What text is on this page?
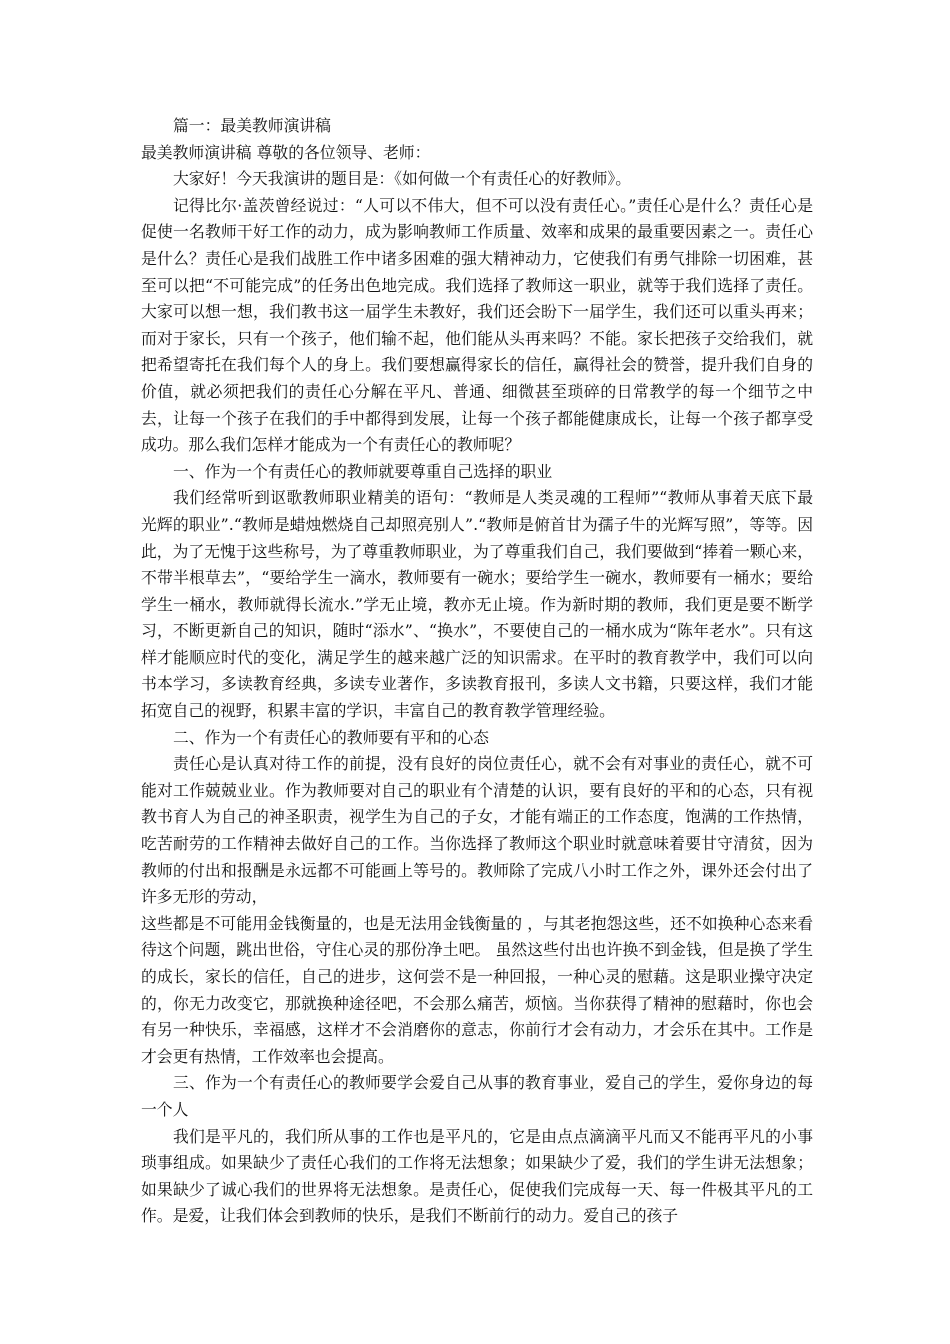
篇一：最美教师演讲稿

最美教师演讲稿 尊敬的各位领导、老师：

大家好！今天我演讲的题目是：《如何做一个有责任心的好教师》。

记得比尔·盖茨曾经说过：“人可以不伟大，但不可以没有责任心。”责任心是什么？责任心是促使一名教师干好工作的动力，成为影响教师工作质量、效率和成果的最重要因素之一。责任心是什么？责任心是我们战胜工作中诸多困难的强大精神动力，它使我们有勇气排除一切困难，甚至可以把“不可能完成”的任务出色地完成。我们选择了教师这一职业，就等于我们选择了责任。大家可以想一想，我们教书这一届学生未教好，我们还会盼下一届学生，我们还可以重头再来；而对于家长，只有一个孩子，他们输不起，他们能从头再来吗？不能。家长把孩子交给我们，就把希望寄托在我们每个人的身上。我们要想赢得家长的信任，赢得社会的赞誉，提升我们自身的价值，就必须把我们的责任心分解在平凡、普通、细微甚至琐碎的日常教学的每一个细节之中去，让每一个孩子在我们的手中都得到发展，让每一个孩子都能健康成长，让每一个孩子都享受成功。那么我们怎样才能成为一个有责任心的教师呢？

一、作为一个有责任心的教师就要尊重自己选择的职业

我们经常听到讴歌教师职业精美的语句：“教师是人类灵魂的工程师”“教师从事着天底下最光辉的职业”.“教师是蜡烛燃烧自己却照亮别人”.“教师是俯首甘为孺子牛的光辉写照”，等等。因此，为了无愧于这些称号，为了尊重教师职业，为了尊重我们自己，我们要做到“捧着一颗心来，不带半根草去”，“要给学生一滴水，教师要有一碗水；要给学生一碗水，教师要有一桶水；要给学生一桶水，教师就得长流水.”学无止境，教亦无止境。作为新时期的教师，我们更是要不断学习，不断更新自己的知识，随时“添水”、“换水”，不要使自己的一桶水成为“陈年老水”。只有这样才能顺应时代的变化，满足学生的越来越广泛的知识需求。在平时的教育教学中，我们可以向书本学习，多读教育经典，多读专业著作，多读教育报刊，多读人文书籍，只要这样，我们才能拓宽自己的视野，积累丰富的学识，丰富自己的教育教学管理经验。

二、作为一个有责任心的教师要有平和的心态

责任心是认真对待工作的前提，没有良好的岗位责任心，就不会有对事业的责任心，就不可能对工作兢兢业业。作为教师要对自己的职业有个清楚的认识，要有良好的平和的心态，只有视教书育人为自己的神圣职责，视学生为自己的子女，才能有端正的工作态度，饱满的工作热情，吃苦耐劳的工作精神去做好自己的工作。当你选择了教师这个职业时就意味着要甘守清贫，因为教师的付出和报酬是永远都不可能画上等号的。教师除了完成八小时工作之外，课外还会付出了许多无形的劳动，

这些都是不可能用金钱衡量的，也是无法用金钱衡量的 ，与其老抱怨这些，还不如换种心态来看待这个问题，跳出世俗，守住心灵的那份净土吧。 虽然这些付出也许换不到金钱，但是换了学生的成长，家长的信任，自己的进步，这何尝不是一种回报，一种心灵的慰藉。这是职业操守决定的，你无力改变它，那就换种途径吧，不会那么痛苦，烦恼。当你获得了精神的慰藉时，你也会有另一种快乐，幸福感，这样才不会消磨你的意志，你前行才会有动力，才会乐在其中。工作是才会更有热情，工作效率也会提高。

三、作为一个有责任心的教师要学会爱自己从事的教育事业，爱自己的学生，爱你身边的每一个人

我们是平凡的，我们所从事的工作也是平凡的，它是由点点滴滴平凡而又不能再平凡的小事琐事组成。如果缺少了责任心我们的工作将无法想象；如果缺少了爱，我们的学生讲无法想象；如果缺少了诚心我们的世界将无法想象。是责任心，促使我们完成每一天、每一件极其平凡的工作。是爱，让我们体会到教师的快乐，是我们不断前行的动力。爱自己的孩子
